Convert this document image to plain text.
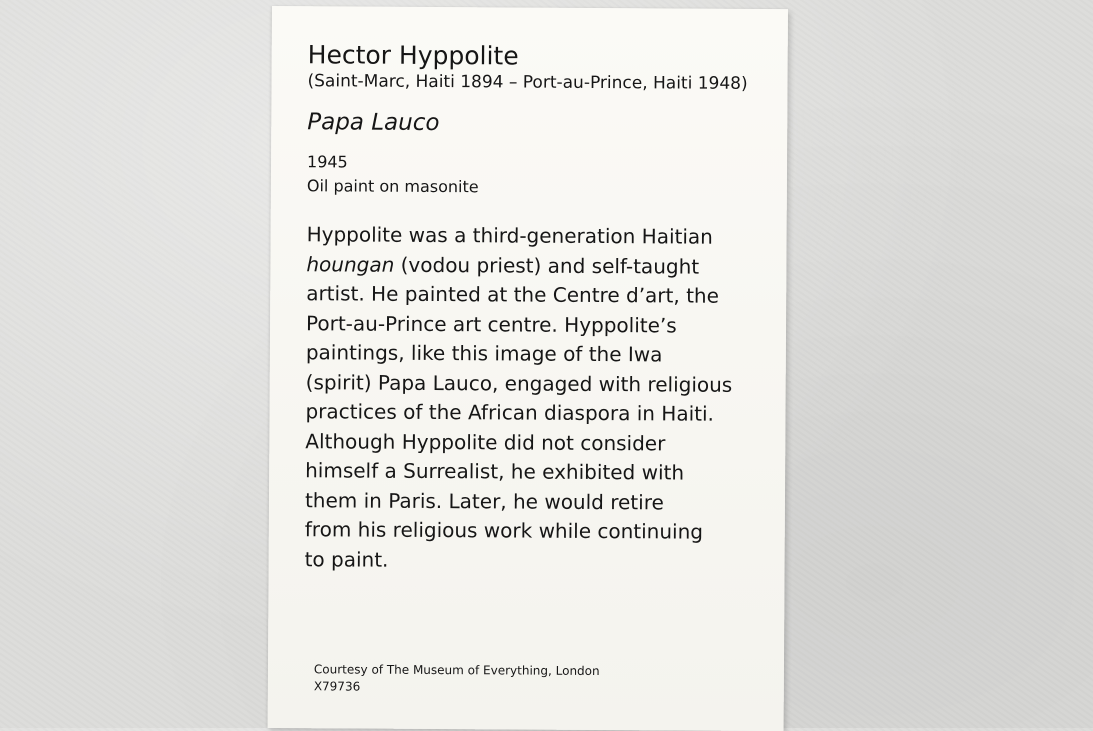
Hector Hyppolite

(Saint-Marc, Haiti 1894 – Port-au-Prince, Haiti 1948)

Papa Lauco

1945

Oil paint on masonite

Hyppolite was a third-generation Haitian
houngan (vodou priest) and self-taught
artist. He painted at the Centre d’art, the
Port-au-Prince art centre. Hyppolite’s
paintings, like this image of the Iwa
(spirit) Papa Lauco, engaged with religious
practices of the African diaspora in Haiti.
Although Hyppolite did not consider
himself a Surrealist, he exhibited with
them in Paris. Later, he would retire
from his religious work while continuing
to paint.
Courtesy of The Museum of Everything, London
X79736
